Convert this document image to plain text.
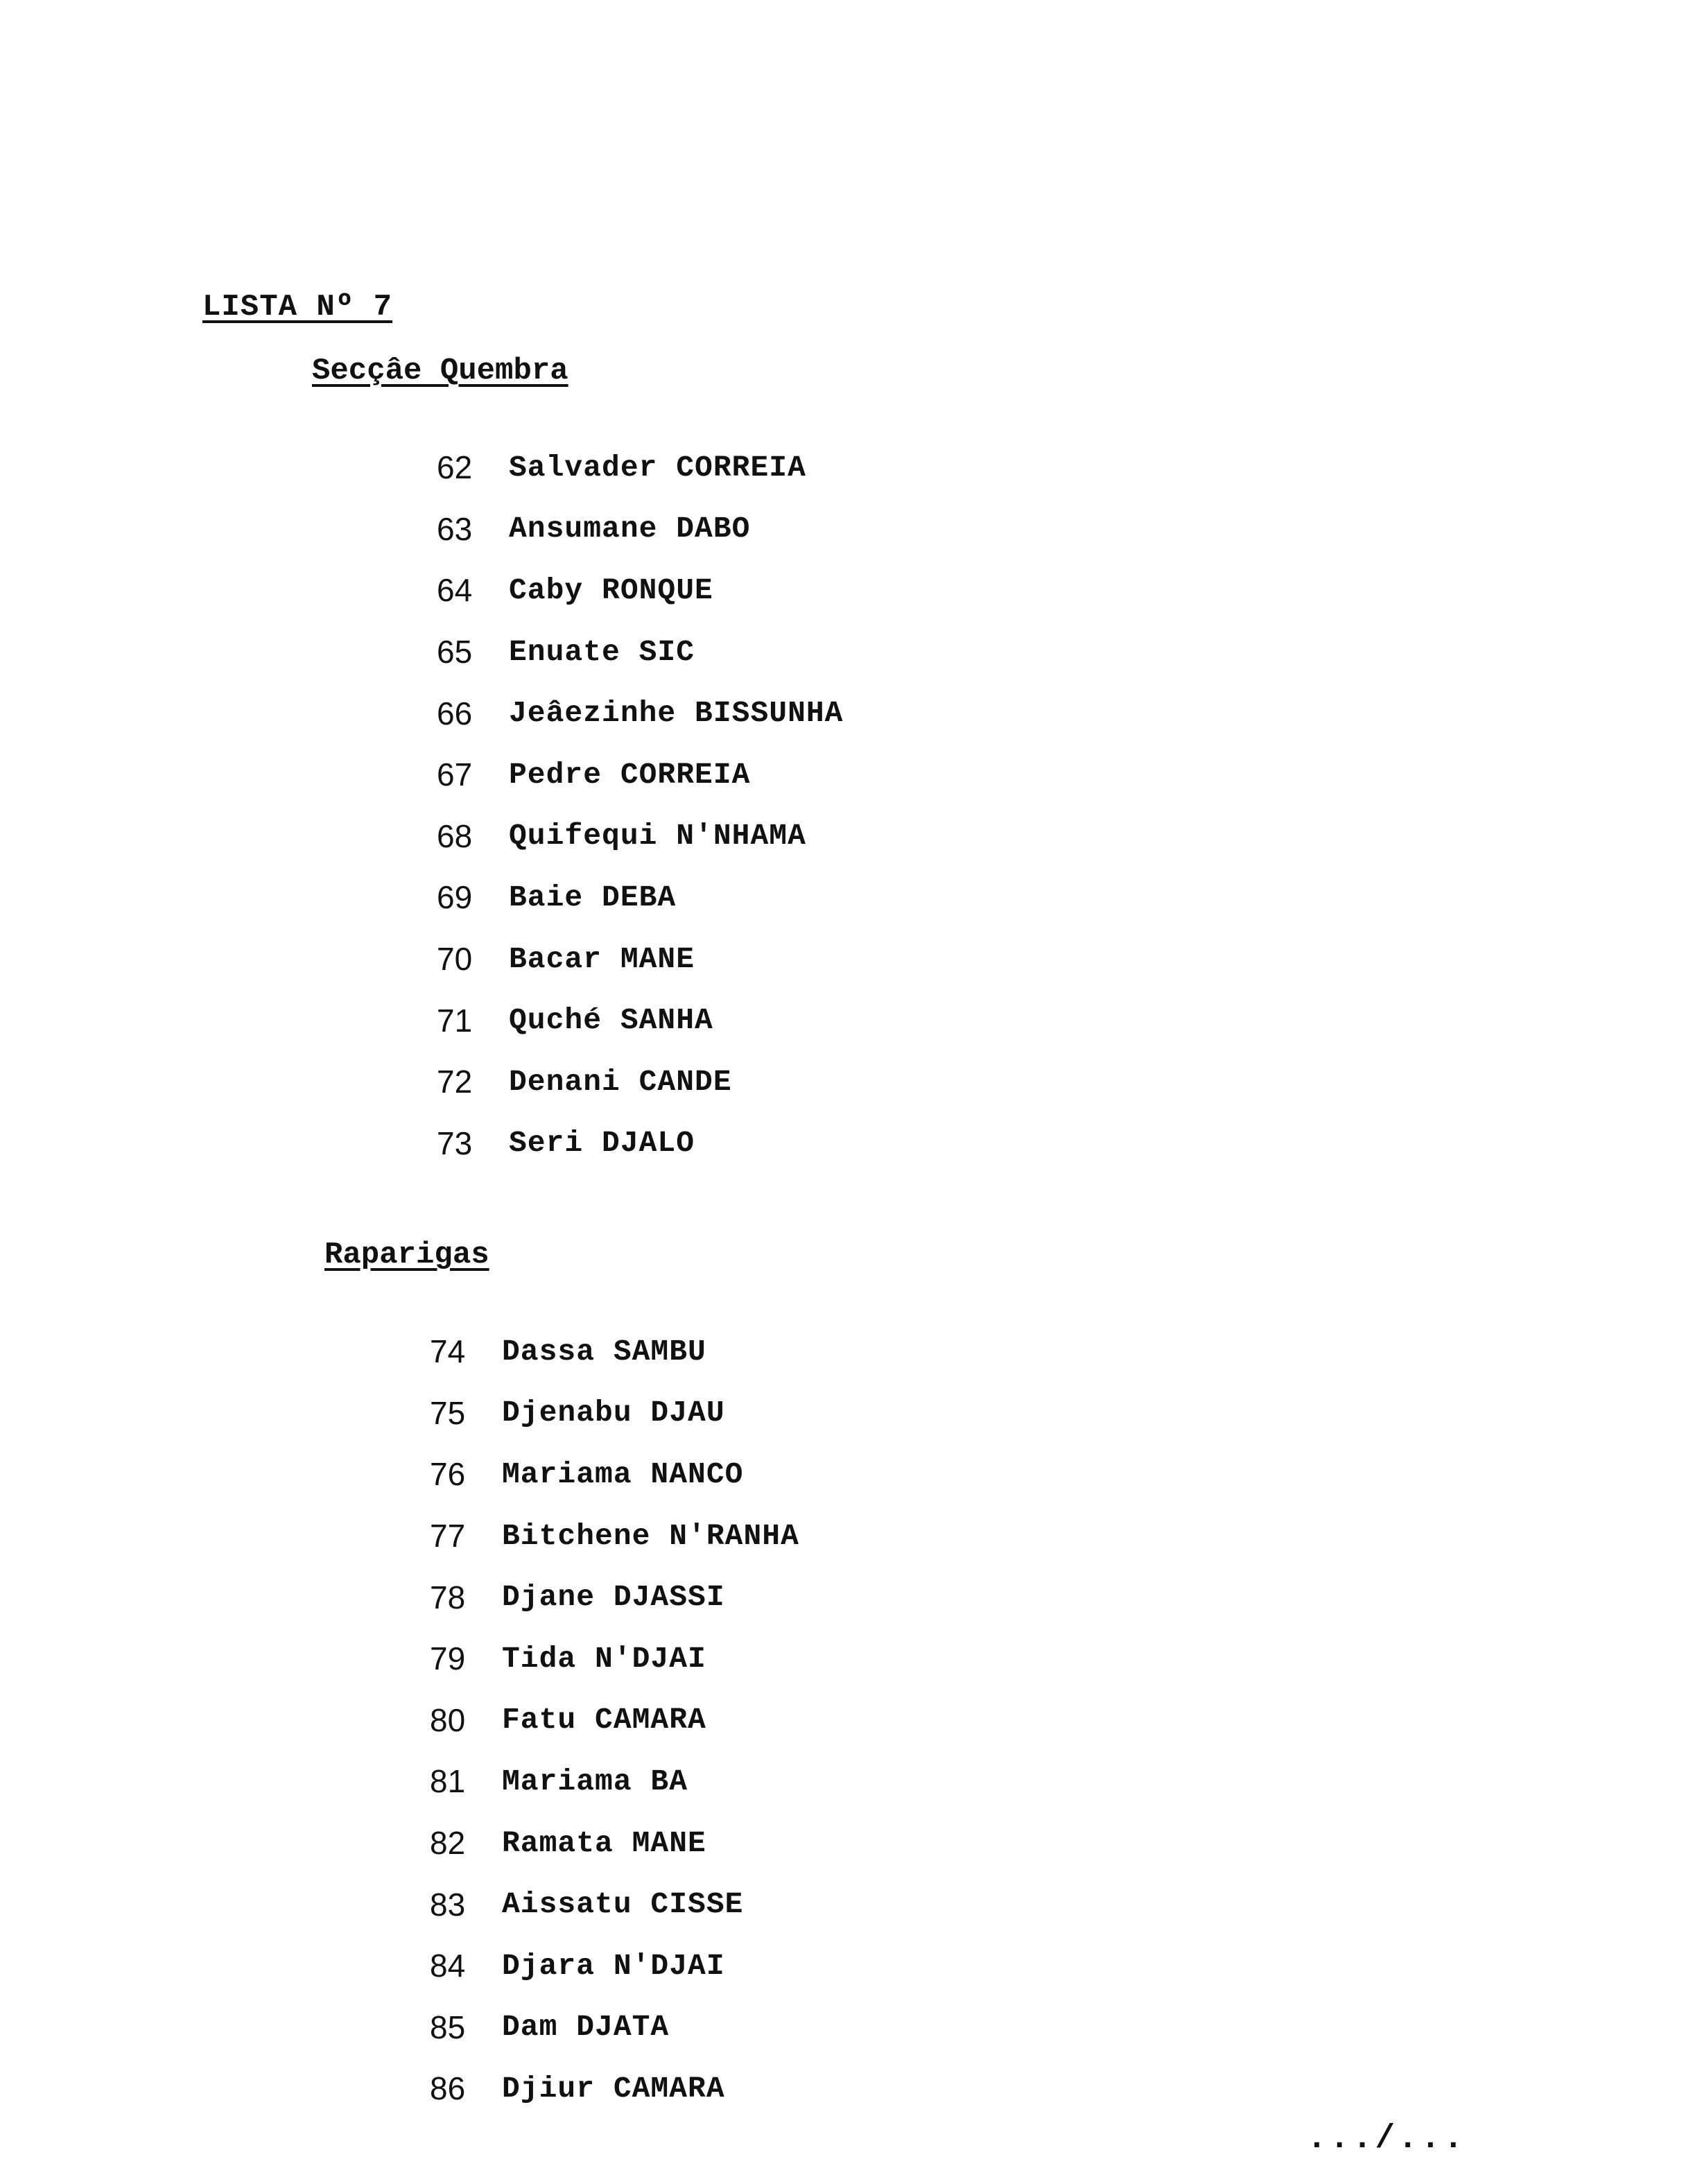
LISTA Nº 7
Secçâe Quembra
62	Salvader CORREIA
63	Ansumane DABO
64	Caby RONQUE
65	Enuate SIC
66	Jeâezinhe BISSUNHA
67	Pedre CORREIA
68	Quifequi N'NHAMA
69	Baie DEBA
70	Bacar MANE
71	Quché SANHA
72	Denani CANDE
73	Seri DJALO
Raparigas
74	Dassa SAMBU
75	Djenabu DJAU
76	Mariama NANCO
77	Bitchene N'RANHA
78	Djane DJASSI
79	Tida N'DJAI
80	Fatu CAMARA
81	Mariama BA
82	Ramata MANE
83	Aissatu CISSE
84	Djara N'DJAI
85	Dam DJATA
86	Djiur CAMARA
.../...
